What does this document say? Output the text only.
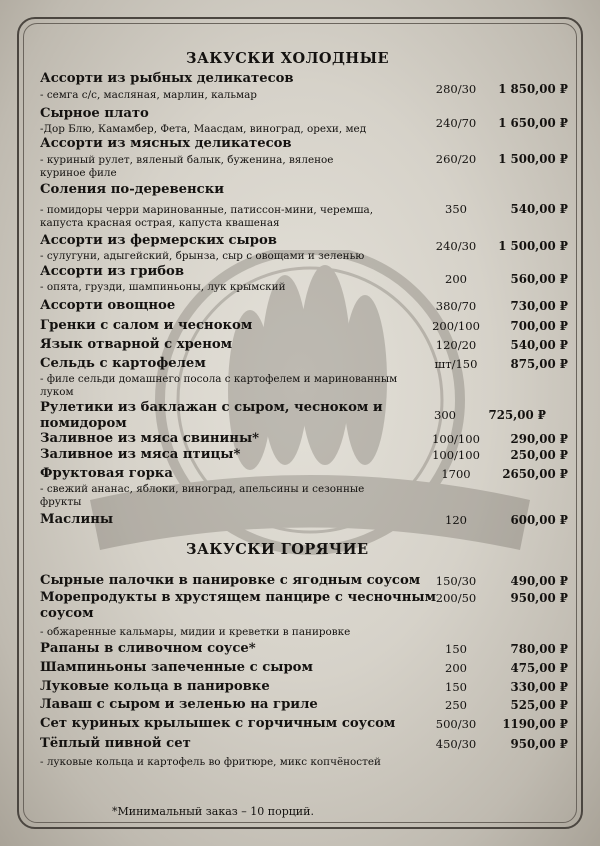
ЗАКУСКИ ХОЛОДНЫЕ
Ассорти из рыбных деликатесов
- семга с/с, масляная, марлин, кальмар	280/30	1 850,00 ₽
Сырное плато
-Дор Блю, Камамбер, Фета, Маасдам, виноград, орехи, мед	240/70	1 650,00 ₽
Ассорти из мясных деликатесов
- куриный рулет, вяленый балык, буженина, вяленое куриное филе
260/20	1 500,00 ₽
Соления по-деревенски
- помидоры черри маринованные, патиссон-мини, черемша, капуста красная острая, капуста квашеная
350	540,00 ₽
Ассорти из фермерских сыров
- сулугуни, адыгейский, брынза, сыр с овощами и зеленью
240/30	1 500,00 ₽
Ассорти из грибов
- опята, грузди, шампиньоны, лук крымский
200	560,00 ₽
Ассорти овощное	380/70	730,00 ₽
Гренки с салом и чесноком	200/100	700,00 ₽
Язык отварной с хреном	120/20	540,00 ₽
Сельдь с картофелем
- филе сельди домашнего посола с картофелем и маринованным луком
шт/150	875,00 ₽
Рулетики из баклажан с сыром, чесноком и помидором
300	725,00 ₽
Заливное из мяса свинины*	100/100	290,00 ₽
Заливное из мяса птицы*	100/100	250,00 ₽
Фруктовая горка
- свежий ананас, яблоки, виноград, апельсины и сезонные фрукты
1700	2650,00 ₽
Маслины	120	600,00 ₽
ЗАКУСКИ ГОРЯЧИЕ
Сырные палочки в панировке с ягодным соусом	150/30	490,00 ₽
Морепродукты в хрустящем панцире с чесночным соусом
- обжаренные кальмары, мидии и креветки в панировке
200/50	950,00 ₽
Рапаны в сливочном соусе*	150	780,00 ₽
Шампиньоны запеченные с сыром	200	475,00 ₽
Луковые кольца в панировке	150	330,00 ₽
Лаваш с сыром и зеленью на гриле	250	525,00 ₽
Сет куриных крылышек с горчичным соусом	500/30	1190,00 ₽
Тёплый пивной сет
- луковые кольца и картофель во фритюре, микс копчёностей
450/30	950,00 ₽
*Минимальный заказ – 10 порций.
